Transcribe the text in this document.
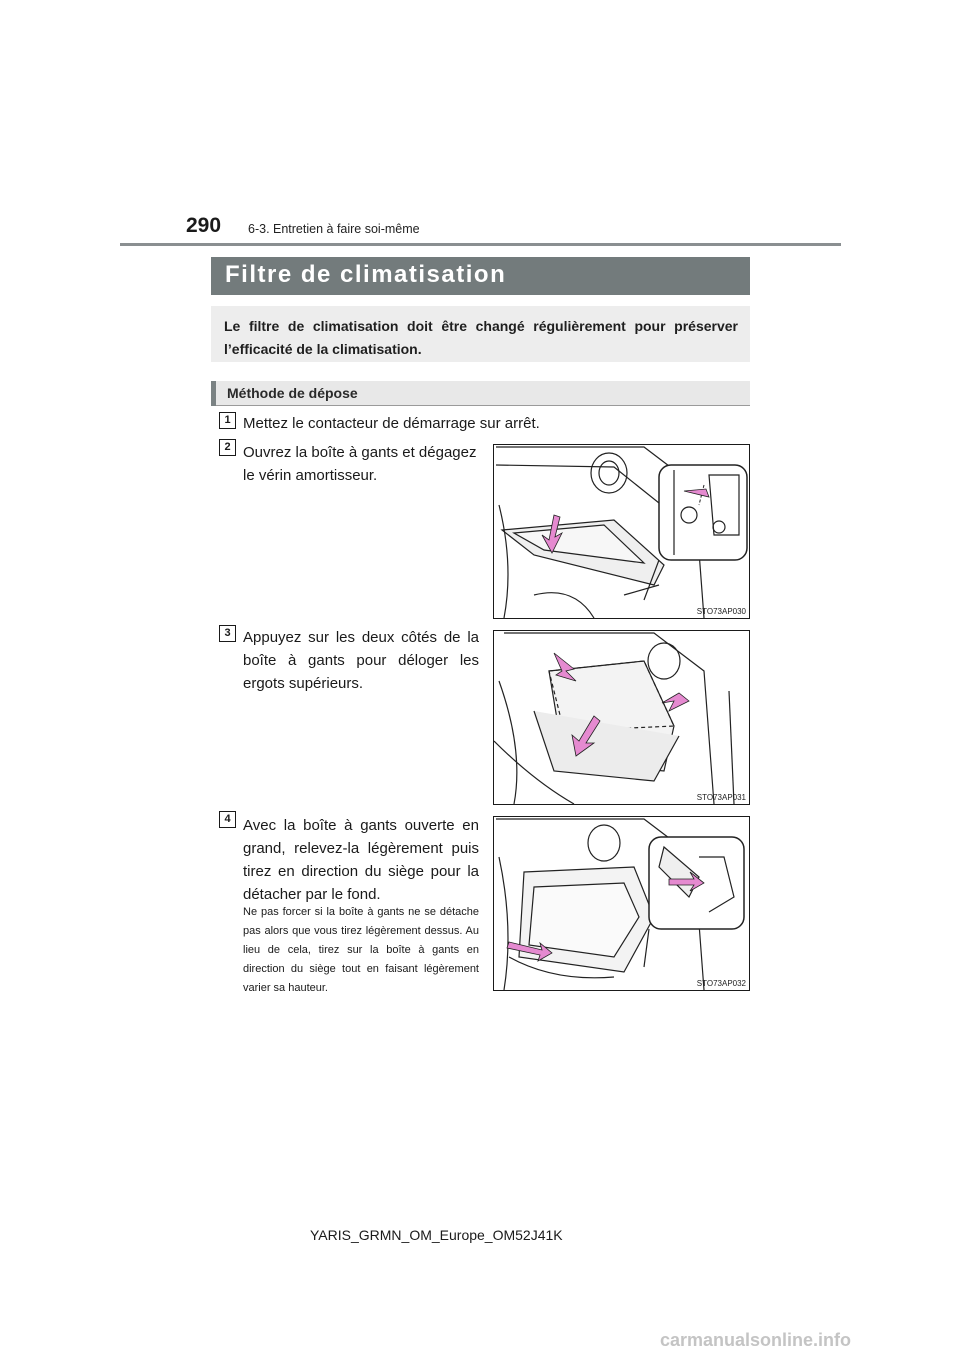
290 6-3. Entretien à faire soi-même
Filtre de climatisation
Le filtre de climatisation doit être changé régulièrement pour préserver l’efficacité de la climatisation.
Méthode de dépose
1 Mettez le contacteur de démarrage sur arrêt.
2 Ouvrez la boîte à gants et dégagez le vérin amortisseur.
STO73AP030
3 Appuyez sur les deux côtés de la boîte à gants pour déloger les ergots supérieurs.
STO73AP031
4 Avec la boîte à gants ouverte en grand, relevez-la légèrement puis tirez en direction du siège pour la détacher par le fond.
Ne pas forcer si la boîte à gants ne se détache pas alors que vous tirez légèrement dessus. Au lieu de cela, tirez sur la boîte à gants en direction du siège tout en faisant légèrement varier sa hauteur.	STO73AP032
YARIS_GRMN_OM_Europe_OM52J41K
carmanualsonline.info
